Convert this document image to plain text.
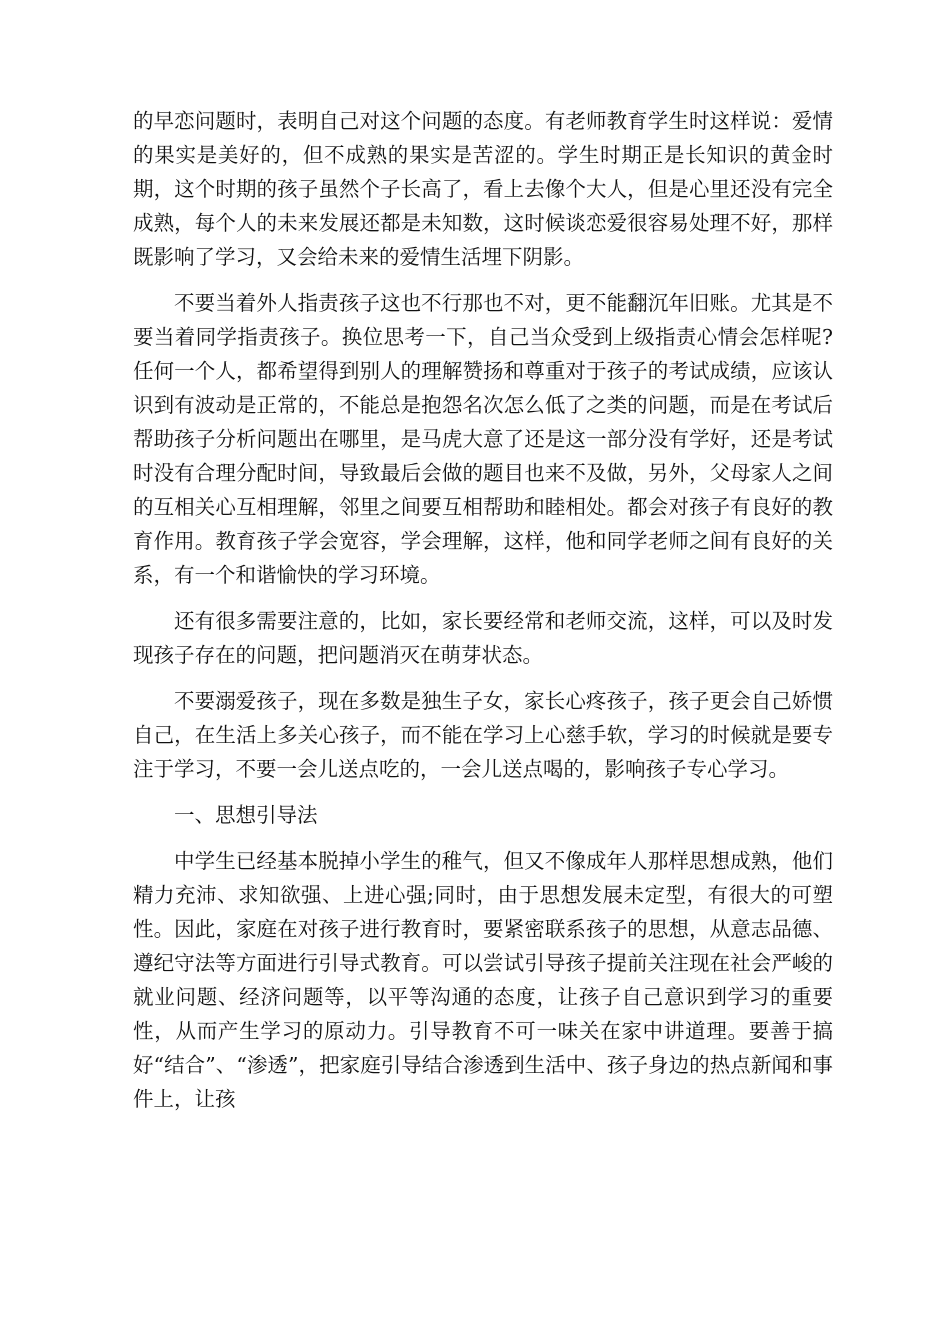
的早恋问题时，表明自己对这个问题的态度。有老师教育学生时这样说：爱情的果实是美好的，但不成熟的果实是苦涩的。学生时期正是长知识的黄金时期，这个时期的孩子虽然个子长高了，看上去像个大人，但是心里还没有完全成熟，每个人的未来发展还都是未知数，这时候谈恋爱很容易处理不好，那样既影响了学习，又会给未来的爱情生活埋下阴影。

不要当着外人指责孩子这也不行那也不对，更不能翻沉年旧账。尤其是不要当着同学指责孩子。换位思考一下，自己当众受到上级指责心情会怎样呢?任何一个人，都希望得到别人的理解赞扬和尊重对于孩子的考试成绩，应该认识到有波动是正常的，不能总是抱怨名次怎么低了之类的问题，而是在考试后帮助孩子分析问题出在哪里，是马虎大意了还是这一部分没有学好，还是考试时没有合理分配时间，导致最后会做的题目也来不及做，另外，父母家人之间的互相关心互相理解，邻里之间要互相帮助和睦相处。都会对孩子有良好的教育作用。教育孩子学会宽容，学会理解，这样，他和同学老师之间有良好的关系，有一个和谐愉快的学习环境。

还有很多需要注意的，比如，家长要经常和老师交流，这样，可以及时发现孩子存在的问题，把问题消灭在萌芽状态。

不要溺爱孩子，现在多数是独生子女，家长心疼孩子，孩子更会自己娇惯自己，在生活上多关心孩子，而不能在学习上心慈手软，学习的时候就是要专注于学习，不要一会儿送点吃的，一会儿送点喝的，影响孩子专心学习。

一、思想引导法

中学生已经基本脱掉小学生的稚气，但又不像成年人那样思想成熟，他们精力充沛、求知欲强、上进心强;同时，由于思想发展未定型，有很大的可塑性。因此，家庭在对孩子进行教育时，要紧密联系孩子的思想，从意志品德、遵纪守法等方面进行引导式教育。可以尝试引导孩子提前关注现在社会严峻的就业问题、经济问题等，以平等沟通的态度，让孩子自己意识到学习的重要性，从而产生学习的原动力。引导教育不可一味关在家中讲道理。要善于搞好“结合”、“渗透”，把家庭引导结合渗透到生活中、孩子身边的热点新闻和事件上，让孩
